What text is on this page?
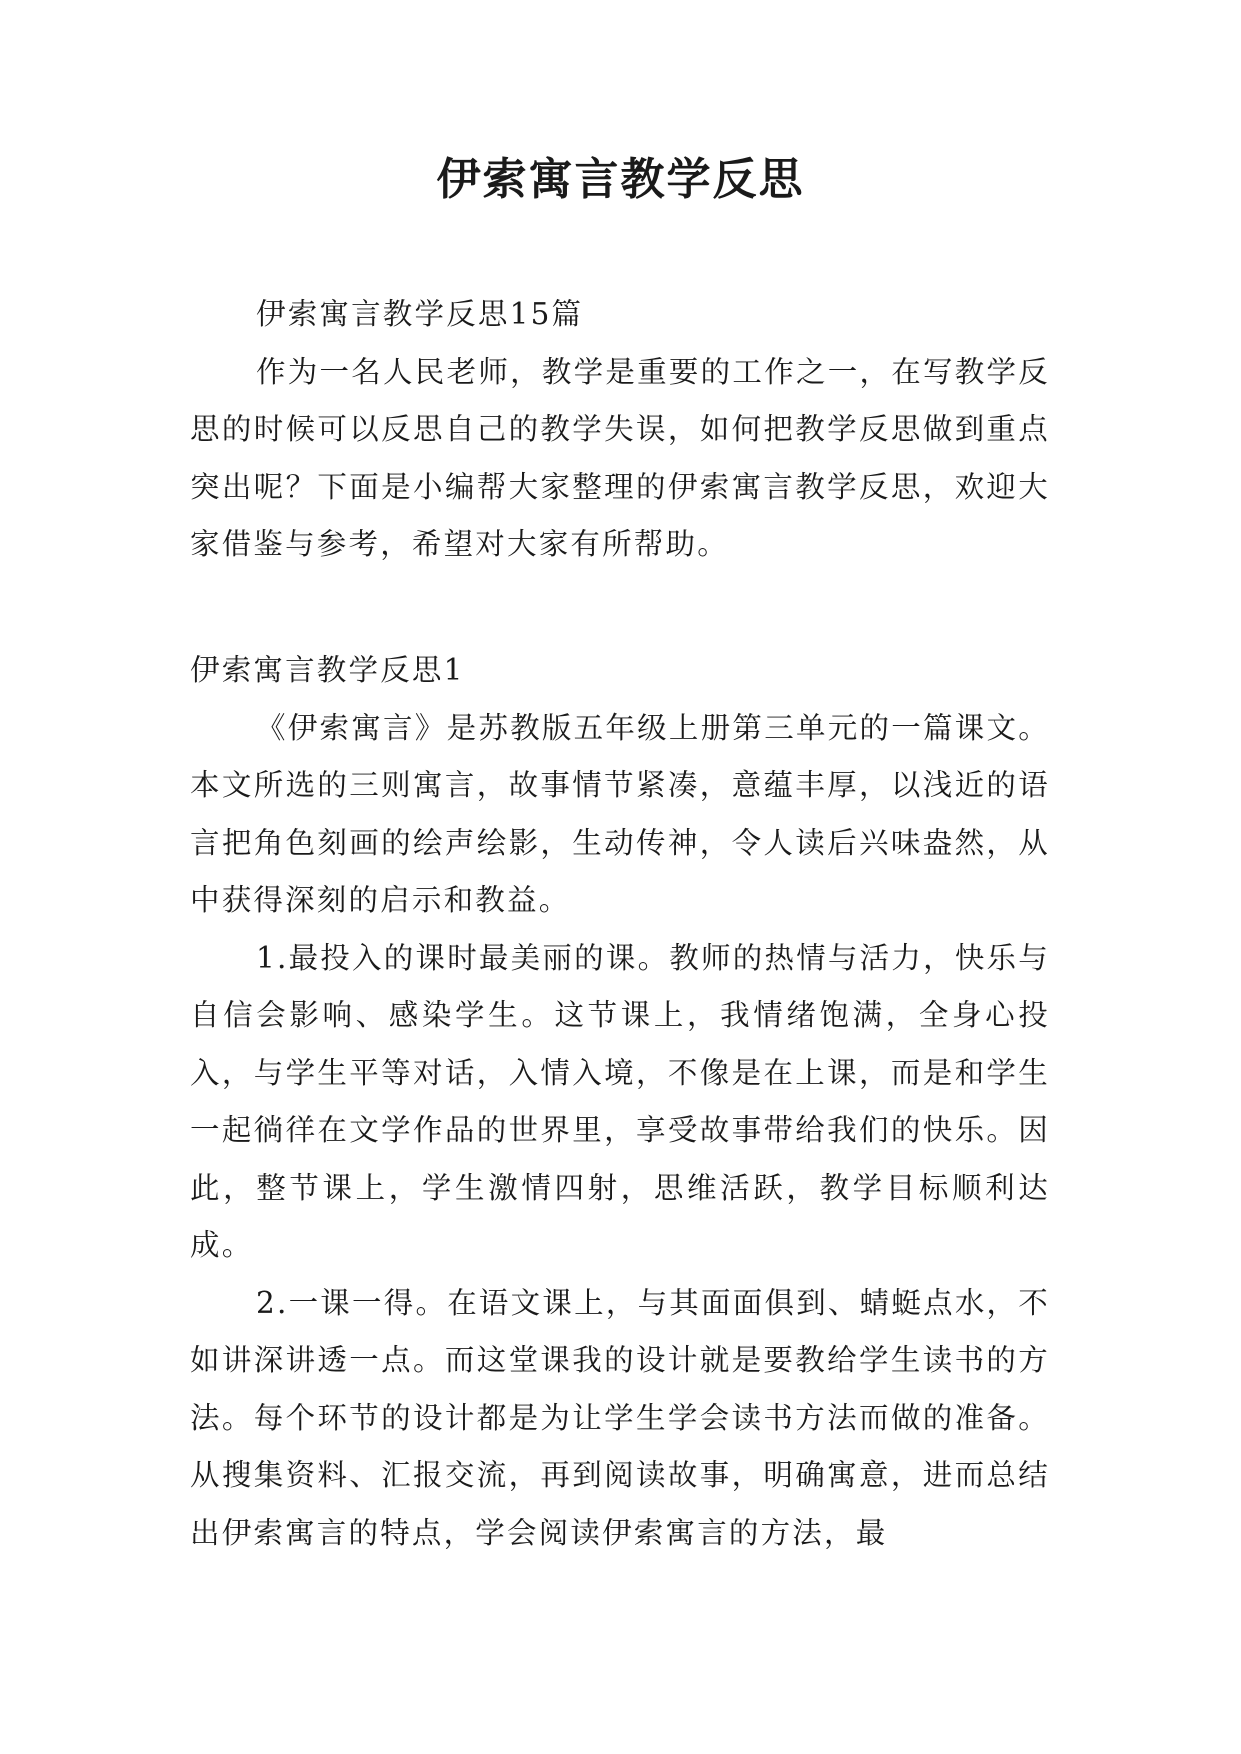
伊索寓言教学反思

伊索寓言教学反思15篇

作为一名人民老师，教学是重要的工作之一，在写教学反思的时候可以反思自己的教学失误，如何把教学反思做到重点突出呢？下面是小编帮大家整理的伊索寓言教学反思，欢迎大家借鉴与参考，希望对大家有所帮助。

伊索寓言教学反思1

《伊索寓言》是苏教版五年级上册第三单元的一篇课文。本文所选的三则寓言，故事情节紧凑，意蕴丰厚，以浅近的语言把角色刻画的绘声绘影，生动传神，令人读后兴味盎然，从中获得深刻的启示和教益。

1.最投入的课时最美丽的课。教师的热情与活力，快乐与自信会影响、感染学生。这节课上，我情绪饱满，全身心投入，与学生平等对话，入情入境，不像是在上课，而是和学生一起徜徉在文学作品的世界里，享受故事带给我们的快乐。因此，整节课上，学生激情四射，思维活跃，教学目标顺利达成。

2.一课一得。在语文课上，与其面面俱到、蜻蜓点水，不如讲深讲透一点。而这堂课我的设计就是要教给学生读书的方法。每个环节的设计都是为让学生学会读书方法而做的准备。从搜集资料、汇报交流，再到阅读故事，明确寓意，进而总结出伊索寓言的特点，学会阅读伊索寓言的方法，最
